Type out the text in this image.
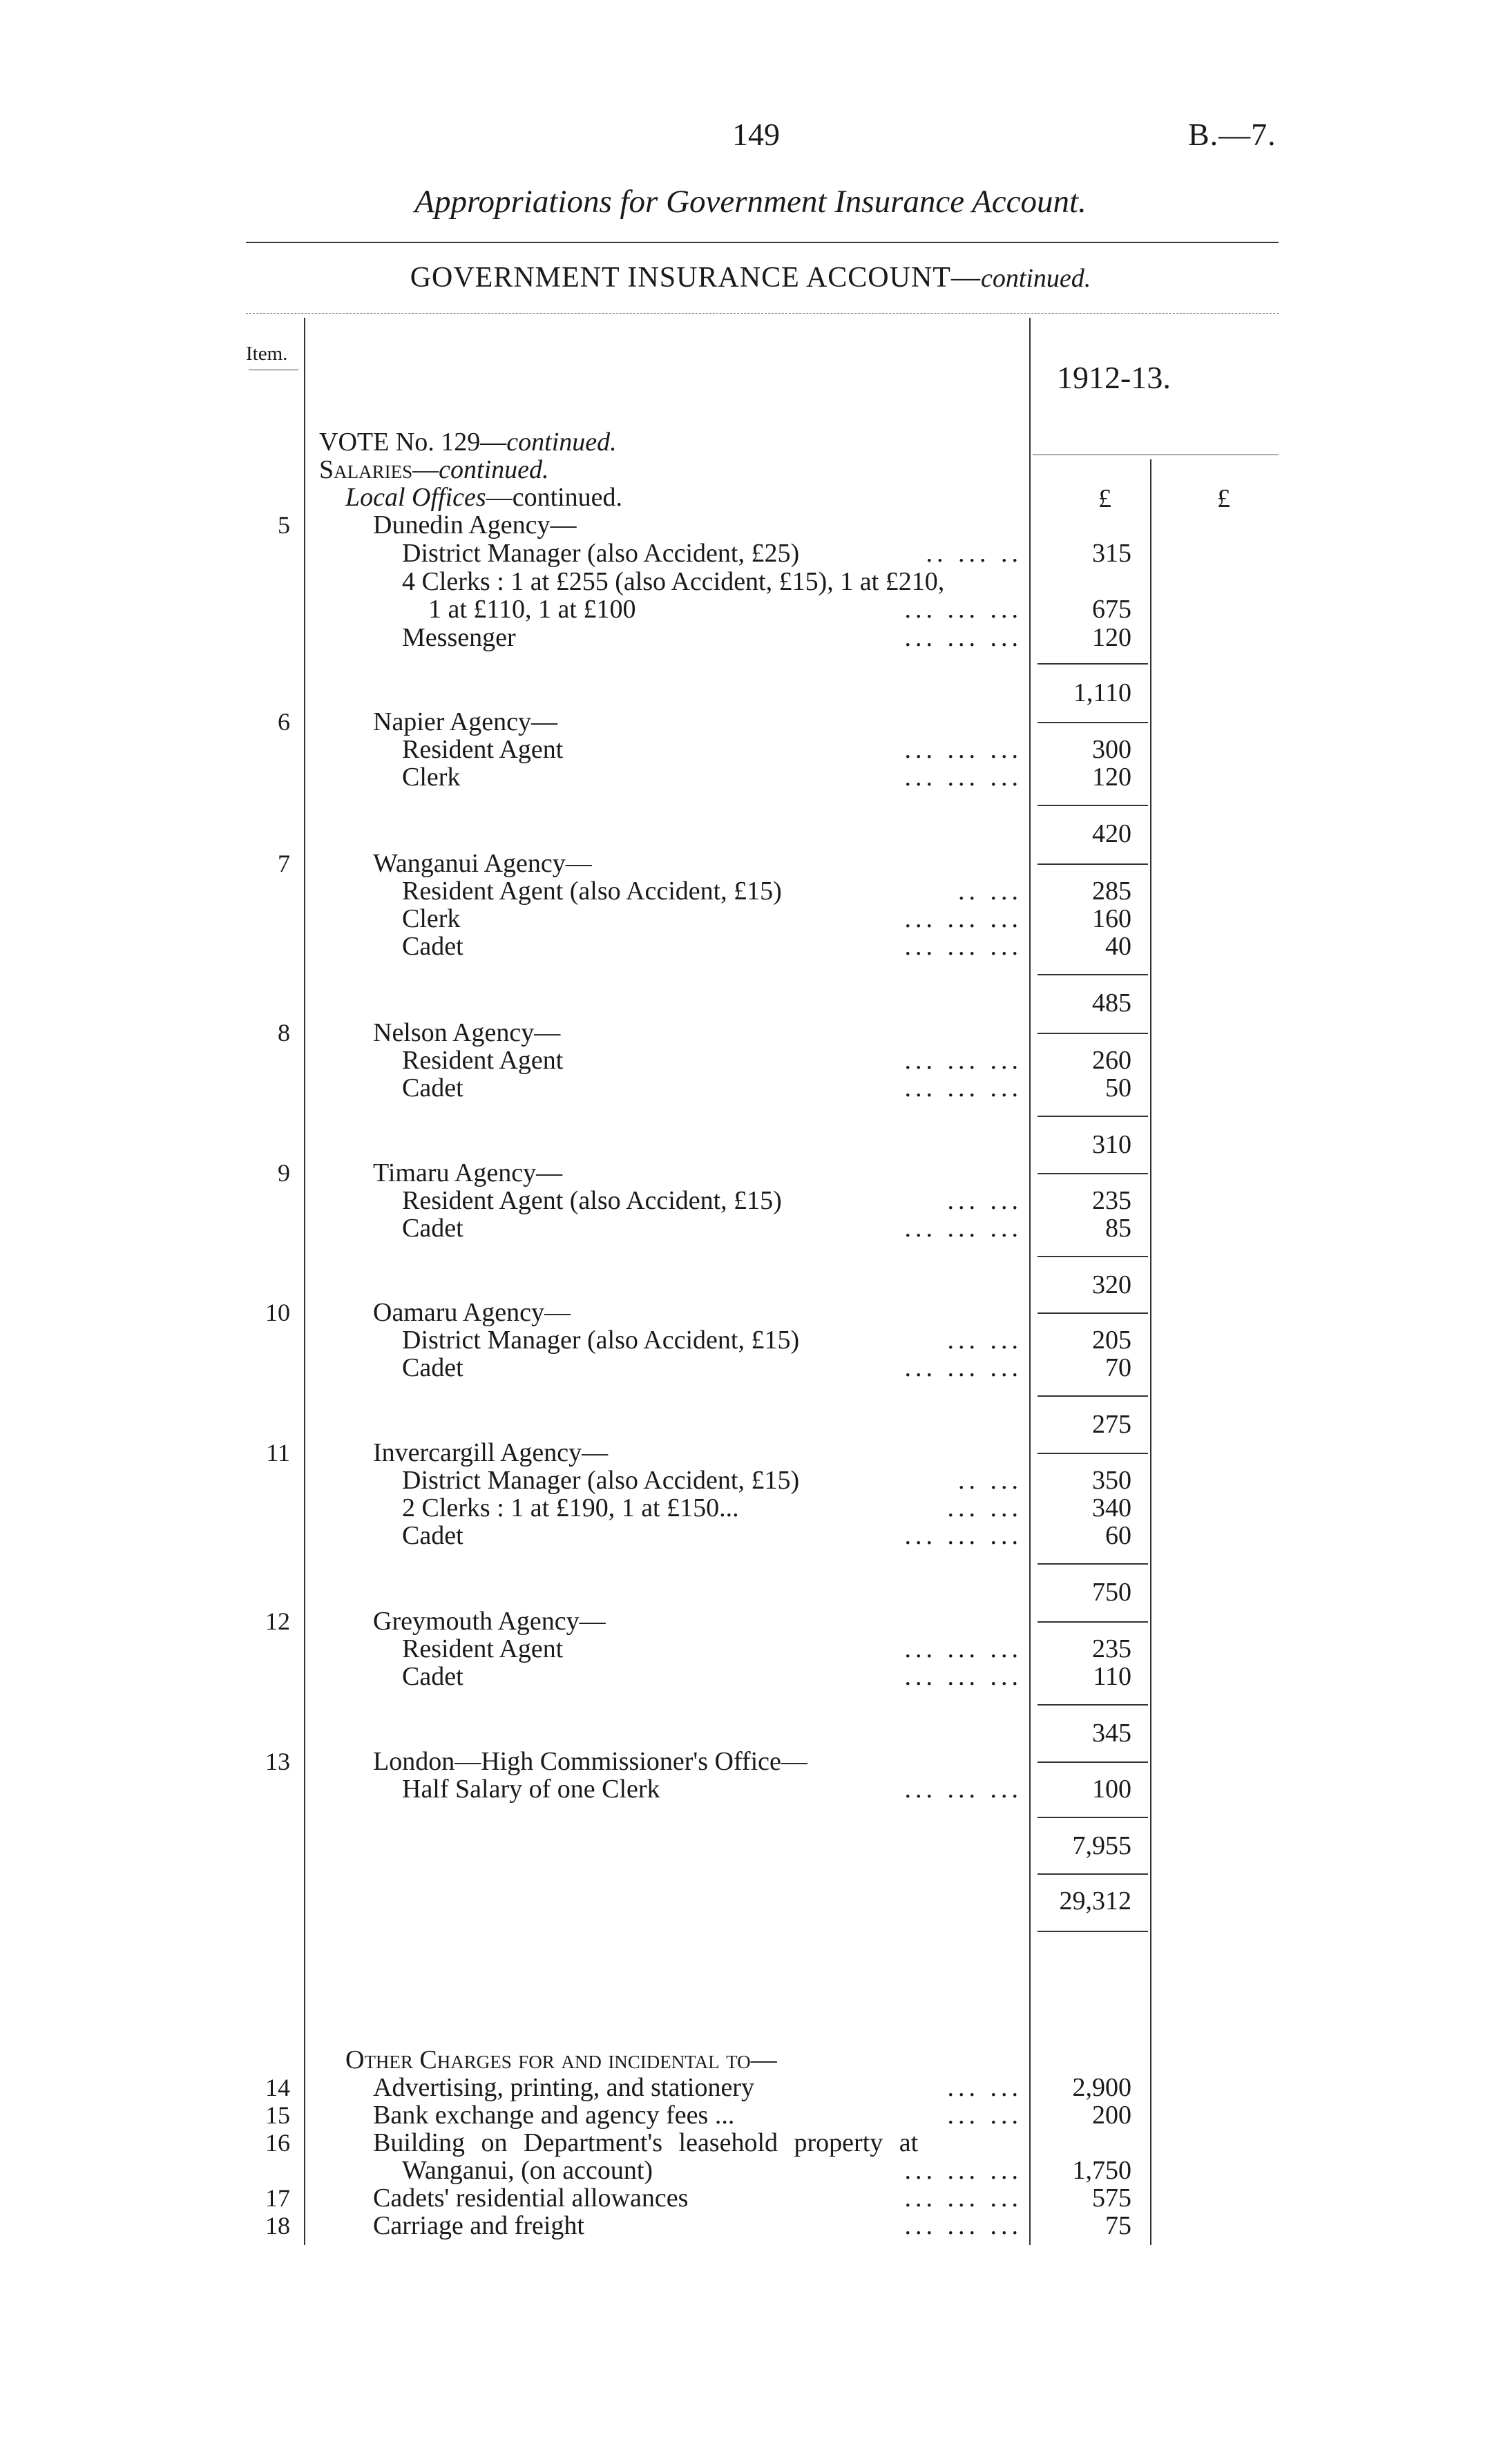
149	B.—7.
Appropriations for Government Insurance Account.
GOVERNMENT INSURANCE ACCOUNT—continued.
Item.
1912-13.
£	£
VOTE No. 129—continued.
Salaries—continued.
Local Offices—continued.
5	Dunedin Agency—
District Manager (also Accident, £25)	.. ... ..	315
4 Clerks : 1 at £255 (also Accident, £15), 1 at £210,
1 at £110, 1 at £100	... ... ...	675
Messenger	... ... ...	120
1,110
6	Napier Agency—
Resident Agent	... ... ...	300
Clerk	... ... ...	120
420
7	Wanganui Agency—
Resident Agent (also Accident, £15)	.. ...	285
Clerk	... ... ...	160
Cadet	... ... ...	40
485
8	Nelson Agency—
Resident Agent	... ... ...	260
Cadet	... ... ...	50
310
9	Timaru Agency—
Resident Agent (also Accident, £15)	... ...	235
Cadet	... ... ...	85
320
10	Oamaru Agency—
District Manager (also Accident, £15)	... ...	205
Cadet	... ... ...	70
275
11	Invercargill Agency—
District Manager (also Accident, £15)	.. ...	350
2 Clerks : 1 at £190, 1 at £150...	... ...	340
Cadet	... ... ...	60
750
12	Greymouth Agency—
Resident Agent	... ... ...	235
Cadet	... ... ...	110
345
13	London—High Commissioner's Office—
Half Salary of one Clerk	... ... ...	100
7,955
29,312
Other Charges for and incidental to—
14	Advertising, printing, and stationery	... ...	2,900
15	Bank exchange and agency fees ...	... ...	200
16	Building on Department's leasehold property at
Wanganui, (on account)	... ... ...	1,750
17	Cadets' residential allowances	... ... ...	575
18	Carriage and freight	... ... ...	75
